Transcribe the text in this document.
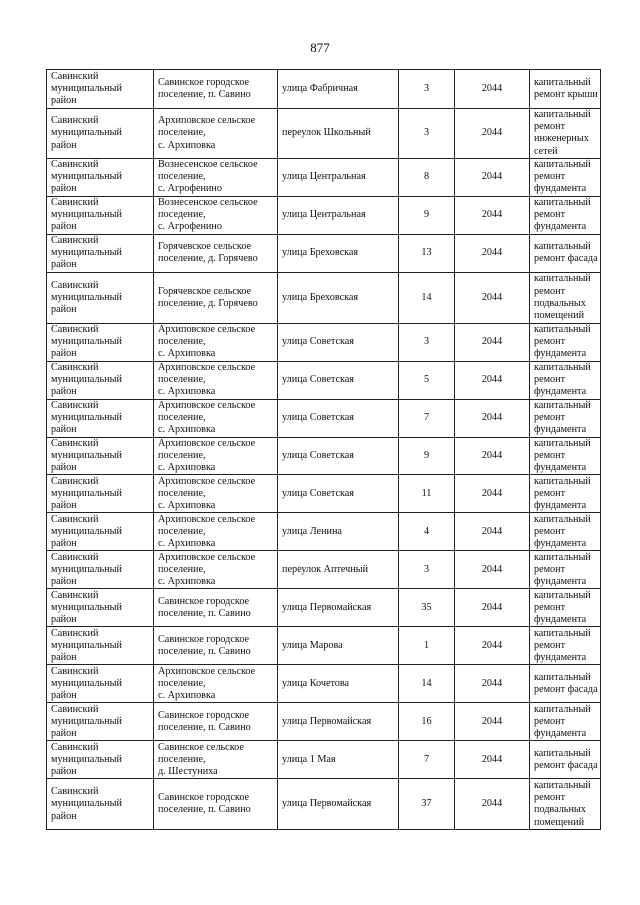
877
Савинский
муниципальный
район	Савинское городское
поселение, п. Савино	улица Фабричная	3	2044	капитальный
ремонт крыши

Савинский
муниципальный
район	Архиповское сельское
поселение,
с. Архиповка	переулок Школьный	3	2044	капитальный
ремонт
инженерных
сетей

Савинский
муниципальный
район	Вознесенское сельское
поселение,
с. Агрофенино	улица Центральная	8	2044	капитальный
ремонт
фундамента

Савинский
муниципальный
район	Вознесенское сельское
поседение,
с. Агрофенино	улица Центральная	9	2044	капитальный
ремонт
фундамента

Савинский
муниципальный
район	Горячевское сельское
поселение, д. Горячево	улица Бреховская	13	2044	капитальный
ремонт фасада

Савинский
муниципальный
район	Горячевское сельское
поселение, д. Горячево	улица Бреховская	14	2044	капитальный
ремонт
подвальных
помещений

Савинский
муниципальный
район	Архиповское сельское
поселение,
с. Архиповка	улица Советская	3	2044	капитальный
ремонт
фундамента

Савинский
муниципальный
район	Архиповское сельское
поселение,
с. Архиповка	улица Советская	5	2044	капитальный
ремонт
фундамента

Савинский
муниципальный
район	Архиповское сельское
поселение,
с. Архиповка	улица Советская	7	2044	капитальный
ремонт
фундамента

Савинский
муниципальный
район	Архиповское сельское
поселение,
с. Архиповка	улица Советская	9	2044	капитальный
ремонт
фундамента

Савинский
муниципальный
район	Архиповское сельское
поселение,
с. Архиповка	улица Советская	11	2044	капитальный
ремонт
фундамента

Савинский
муниципальный
район	Архиповское сельское
поселение,
с. Архиповка	улица Ленина	4	2044	капитальный
ремонт
фундамента

Савинский
муниципальный
район	Архиповское сельское
поселение,
с. Архиповка	переулок Аптечный	3	2044	капитальный
ремонт
фундамента

Савинский
муниципальный
район	Савинское городское
поселение, п. Савино	улица Первомайская	35	2044	капитальный
ремонт
фундамента

Савинский
муниципальный
район	Савинское городское
поселение, п. Савино	улица Марова	1	2044	капитальный
ремонт
фундамента

Савинский
муниципальный
район	Архиповское сельское
поселение,
с. Архиповка	улица Кочетова	14	2044	капитальный
ремонт фасада

Савинский
муниципальный
район	Савинское городское
поселение, п. Савино	улица Первомайская	16	2044	капитальный
ремонт
фундамента

Савинский
муниципальный
район	Савинское сельское
поселение,
д. Шестуниха	улица 1 Мая	7	2044	капитальный
ремонт фасада

Савинский
муниципальный
район	Савинское городское
поселение, п. Савино	улица Первомайская	37	2044	капитальный
ремонт
подвальных
помещений
